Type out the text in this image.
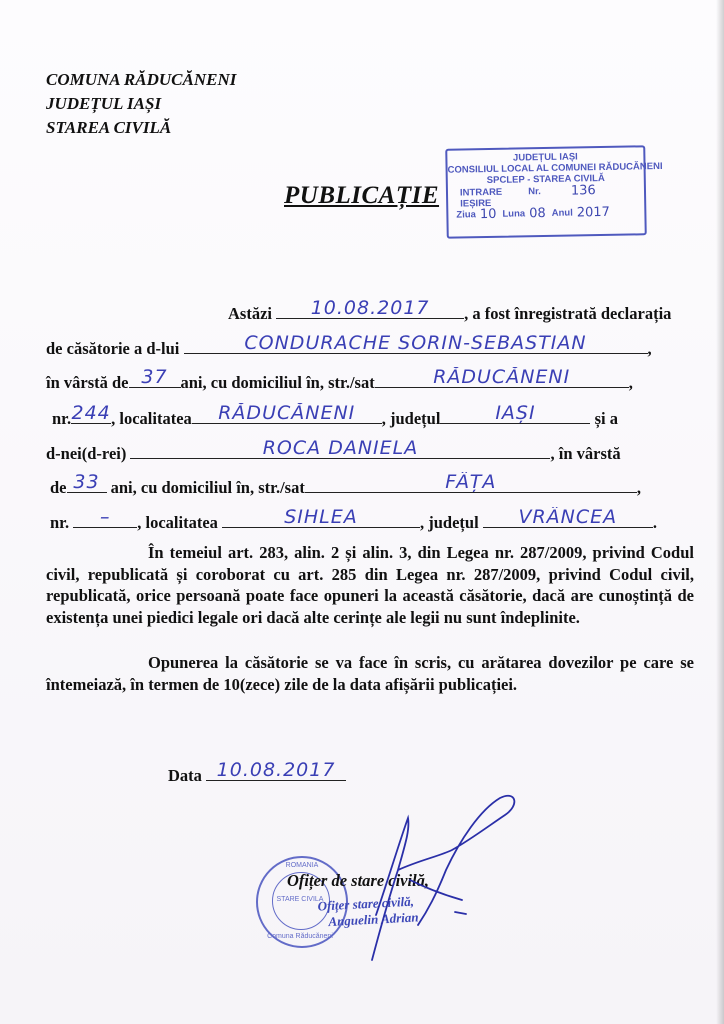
COMUNA RĂDUCĂNENI
JUDEȚUL IAȘI
STAREA CIVILĂ
PUBLICAȚIE
JUDEȚUL IAȘI
CONSILIUL LOCAL AL COMUNEI RĂDUCĂNENI
SPCLEP - STAREA CIVILĂ
INTRARE	Nr. 136
IEȘIRE
Ziua 10 Luna 08 Anul 2017
Astăzi 10.08.2017 , a fost înregistrată declarația
de căsătorie a d-lui	CONDURACHE SORIN-SEBASTIAN	,
în vârstă de 37 ani, cu domiciliul în, str./sat	RĂDUCĂNENI	,
nr.244, localitatea RĂDUCĂNENI , județul	IAȘI	și a
d-nei(d-rei)	ROCA DANIELA	, în vârstă
de 33 ani, cu domiciliul în, str./sat	FÂȚA	,
nr. – , localitatea	SIHLEA	, județul VRÂNCEA .
În temeiul art. 283, alin. 2 și alin. 3, din Legea nr. 287/2009, privind Codul civil, republicată și coroborat cu art. 285 din Legea nr. 287/2009, privind Codul civil, republicată, orice persoană poate face opuneri la această căsătorie, dacă are cunoștință de existența unei piedici legale ori dacă alte cerințe ale legii nu sunt îndeplinite.
Opunerea la căsătorie se va face în scris, cu arătarea dovezilor pe care se întemeiază, în termen de 10(zece) zile de la data afișării publicației.
Data 10.08.2017
ROMANIA
STARE CIVILA
Comuna Răducăneni
Ofițer de stare civilă,
Ofițer stare civilă,
Anguelin Adrian
